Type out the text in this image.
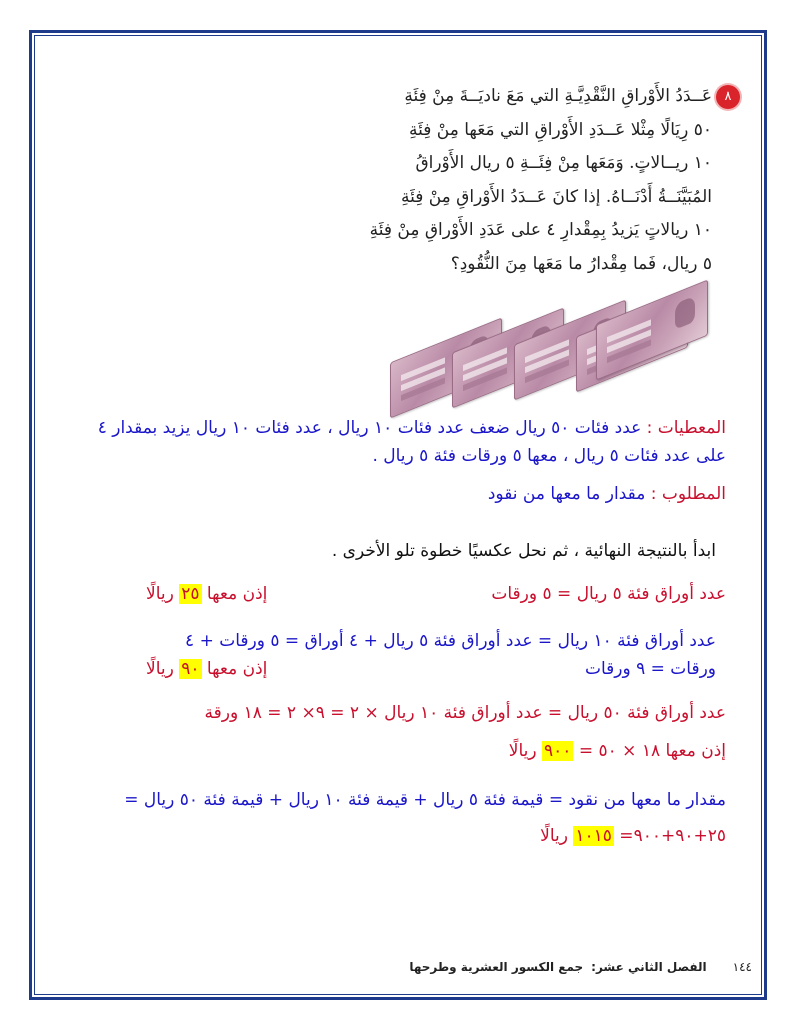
٨
عَــدَدُ الأَوْراقِ النَّقْدِيَّـةِ التي مَعَ ناديَــةَ مِنْ فِئَةِ
٥٠ رِيَالًا مِثْلا عَــدَدِ الأَوْراقِ التي مَعَها مِنْ فِئَةِ
١٠ ريــالاتٍ. وَمَعَها مِنْ فِئَــةِ ٥ ريال الأَوْراقُ
المُبَيَّنَــةُ أَدْنَــاهُ. إذا كانَ عَــدَدُ الأَوْراقِ مِنْ فِئَةِ
١٠ ريالاتٍ يَزيدُ بِمِقْدارِ ٤ على عَدَدِ الأَوْراقِ مِنْ فِئَةِ
٥ ريال، فَما مِقْدارُ ما مَعَها مِنَ النُّقُودِ؟
المعطيات : عدد فئات ٥٠ ريال ضعف عدد فئات ١٠ ريال ، عدد فئات ١٠ ريال يزيد بمقدار ٤ على عدد فئات ٥ ريال ، معها ٥ ورقات فئة ٥ ريال .
المطلوب : مقدار ما معها من نقود
ابدأ بالنتيجة النهائية ، ثم نحل عكسيًا خطوة تلو الأخرى .
عدد أوراق فئة ٥ ريال = ٥ ورقات
إذن معها ٢٥ ريالًا
عدد أوراق فئة ١٠ ريال = عدد أوراق فئة ٥ ريال + ٤ أوراق = ٥ ورقات + ٤
ورقات = ٩ ورقات
إذن معها ٩٠ ريالًا
عدد أوراق فئة ٥٠ ريال = عدد أوراق فئة ١٠ ريال × ٢ = ٩× ٢ = ١٨ ورقة
إذن معها ١٨ × ٥٠ = ٩٠٠ ريالًا
مقدار ما معها من نقود = قيمة فئة ٥ ريال + قيمة فئة ١٠ ريال + قيمة فئة ٥٠ ريال =
٢٥+٩٠+٩٠٠= ١٠١٥ ريالًا
١٤٤الفصل الثاني عشر:جمع الكسور العشرية وطرحها
